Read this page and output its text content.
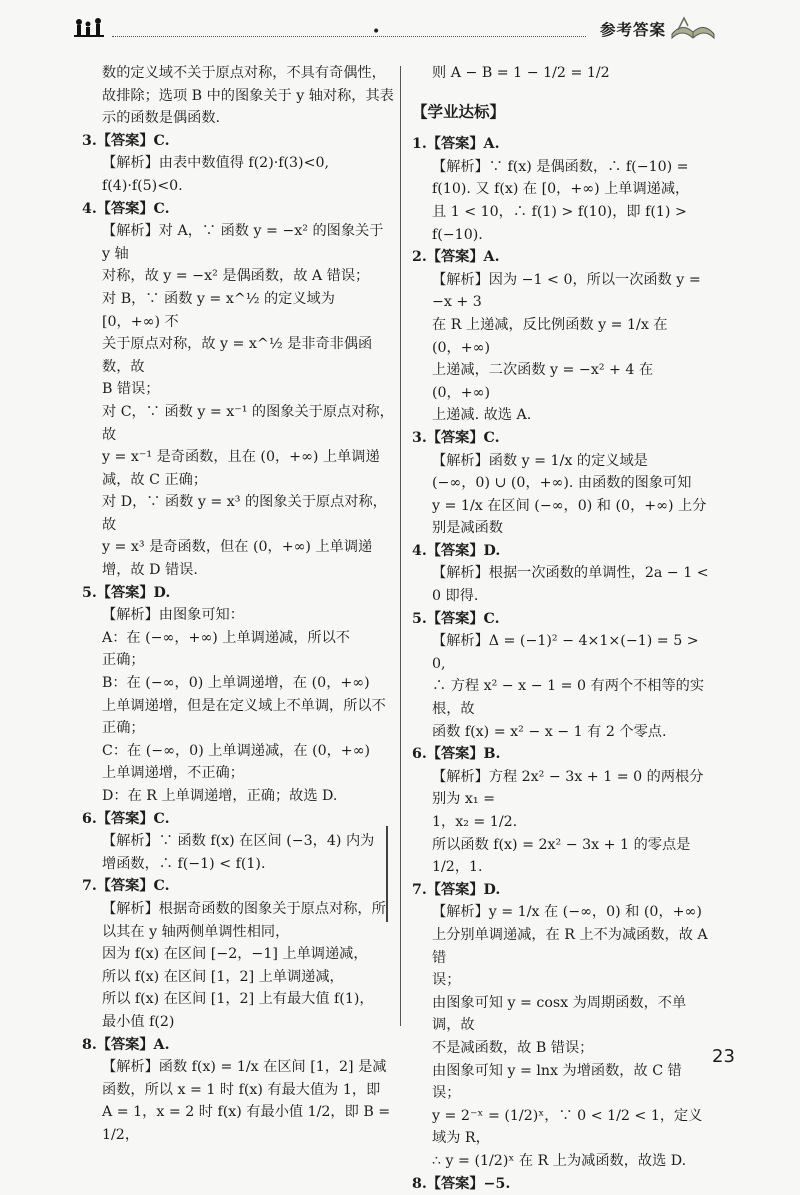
•	参考答案

数的定义域不关于原点对称，不具有奇偶性，

故排除；选项 B 中的图象关于 y 轴对称，其表

示的函数是偶函数.

3.【答案】C.

【解析】由表中数值得 f(2)·f(3)<0,

f(4)·f(5)<0.

4.【答案】C.

【解析】对 A，∵ 函数 y = −x² 的图象关于 y 轴

对称，故 y = −x² 是偶函数，故 A 错误；

对 B，∵ 函数 y = x^½ 的定义域为 [0，+∞) 不

关于原点对称，故 y = x^½ 是非奇非偶函数，故

B 错误；

对 C，∵ 函数 y = x⁻¹ 的图象关于原点对称，故

y = x⁻¹ 是奇函数，且在 (0，+∞) 上单调递

减，故 C 正确；

对 D，∵ 函数 y = x³ 的图象关于原点对称，故

y = x³ 是奇函数，但在 (0，+∞) 上单调递

增，故 D 错误.

5.【答案】D.

【解析】由图象可知：

A：在 (−∞，+∞) 上单调递减，所以不

正确；

B：在 (−∞，0) 上单调递增，在 (0，+∞)

上单调递增，但是在定义域上不单调，所以不

正确；

C：在 (−∞，0) 上单调递减，在 (0，+∞)

上单调递增，不正确；

D：在 R 上单调递增，正确；故选 D.

6.【答案】C.

【解析】∵ 函数 f(x) 在区间 (−3，4) 内为

增函数，∴ f(−1) < f(1).

7.【答案】C.

【解析】根据奇函数的图象关于原点对称，所

以其在 y 轴两侧单调性相同，

因为 f(x) 在区间 [−2，−1] 上单调递减，

所以 f(x) 在区间 [1，2] 上单调递减，

所以 f(x) 在区间 [1，2] 上有最大值 f(1)，

最小值 f(2)

8.【答案】A.

【解析】函数 f(x) = 1/x 在区间 [1，2] 是减

函数，所以 x = 1 时 f(x) 有最大值为 1，即

A = 1，x = 2 时 f(x) 有最小值 1/2，即 B = 1/2，

则 A − B = 1 − 1/2 = 1/2

【学业达标】

1.【答案】A.

【解析】∵ f(x) 是偶函数，∴ f(−10) =

f(10). 又 f(x) 在 [0，+∞) 上单调递减，

且 1 < 10，∴ f(1) > f(10)，即 f(1) > f(−10).

2.【答案】A.

【解析】因为 −1 < 0，所以一次函数 y = −x + 3

在 R 上递减，反比例函数 y = 1/x 在 (0，+∞)

上递减，二次函数 y = −x² + 4 在 (0，+∞)

上递减. 故选 A.

3.【答案】C.

【解析】函数 y = 1/x 的定义域是

(−∞，0) ∪ (0，+∞). 由函数的图象可知

y = 1/x 在区间 (−∞，0) 和 (0，+∞) 上分

别是减函数

4.【答案】D.

【解析】根据一次函数的单调性，2a − 1 < 0 即得.

5.【答案】C.

【解析】Δ = (−1)² − 4×1×(−1) = 5 > 0,

∴ 方程 x² − x − 1 = 0 有两个不相等的实根，故

函数 f(x) = x² − x − 1 有 2 个零点.

6.【答案】B.

【解析】方程 2x² − 3x + 1 = 0 的两根分别为 x₁ =

1，x₂ = 1/2.

所以函数 f(x) = 2x² − 3x + 1 的零点是 1/2，1.

7.【答案】D.

【解析】y = 1/x 在 (−∞，0) 和 (0，+∞)

上分别单调递减，在 R 上不为减函数，故 A 错

误；

由图象可知 y = cosx 为周期函数，不单调，故

不是减函数，故 B 错误；

由图象可知 y = lnx 为增函数，故 C 错误；

y = 2⁻ˣ = (1/2)ˣ，∵ 0 < 1/2 < 1，定义域为 R，

∴ y = (1/2)ˣ 在 R 上为减函数，故选 D.

8.【答案】−5.

23
